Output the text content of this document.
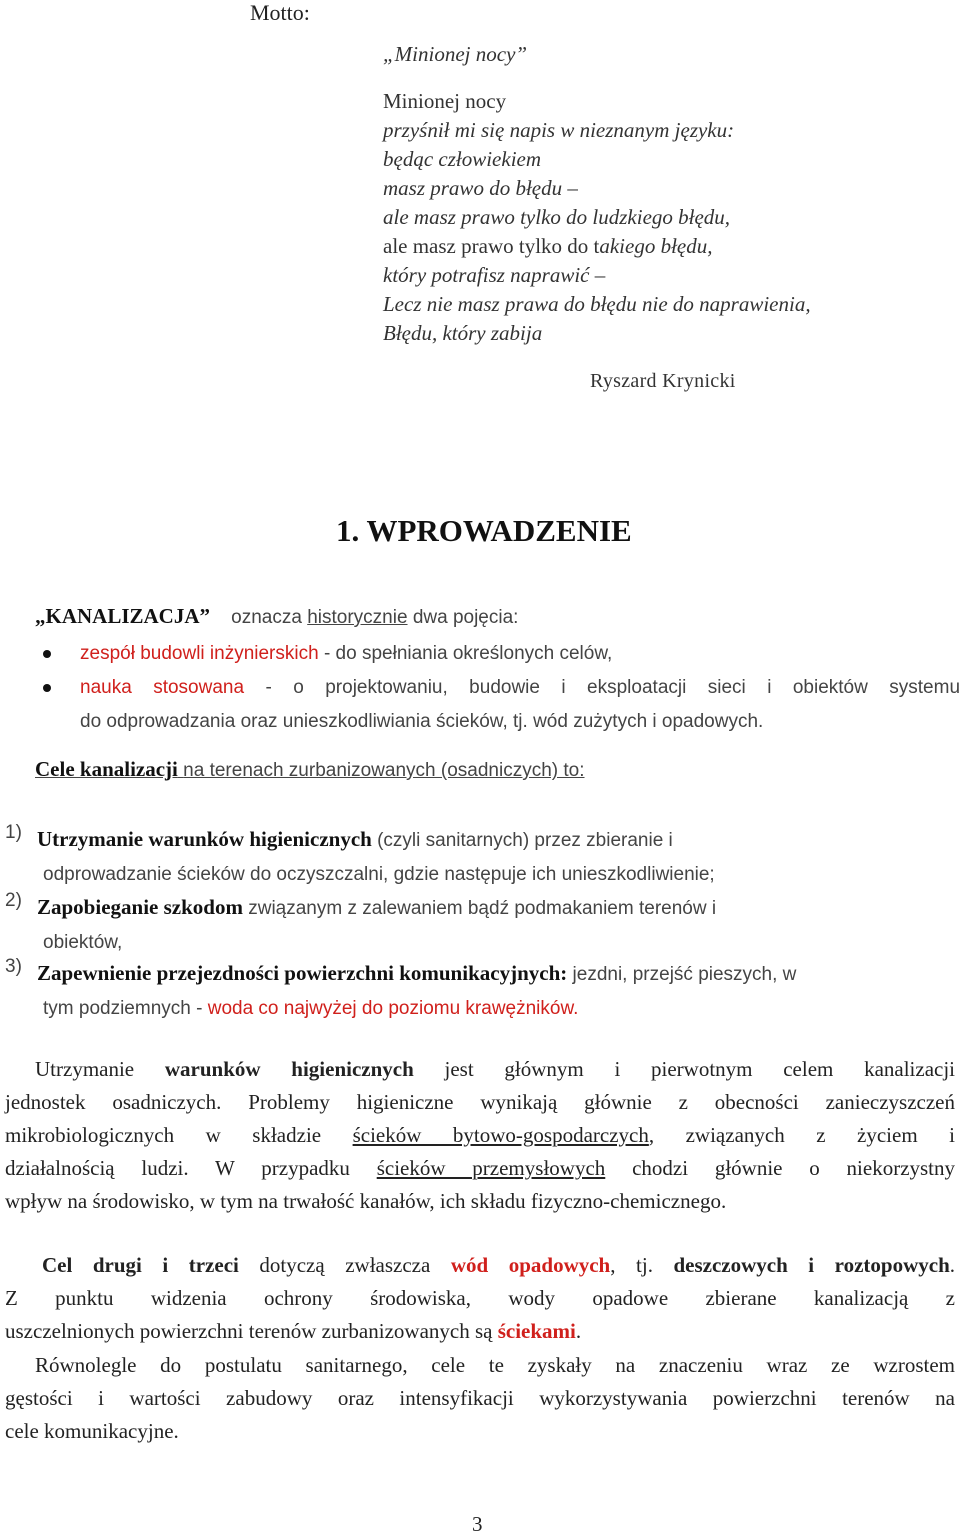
Motto:
„Minionej nocy”
Minionej nocy
przyśnił mi się napis w nieznanym języku:
będąc człowiekiem
masz prawo do błędu –
ale masz prawo tylko do ludzkiego błędu,
ale masz prawo tylko do takiego błędu,
który potrafisz naprawić –
Lecz nie masz prawa do błędu nie do naprawienia,
Błędu, który zabija
Ryszard Krynicki
1. WPROWADZENIE
„KANALIZACJA” oznacza historycznie dwa pojęcia:
zespół budowli inżynierskich - do spełniania określonych celów,
nauka stosowana - o projektowaniu, budowie i eksploatacji sieci i obiektów systemu
do odprowadzania oraz unieszkodliwiania ścieków, tj. wód zużytych i opadowych.
Cele kanalizacji na terenach zurbanizowanych (osadniczych) to:
1) Utrzymanie warunków higienicznych (czyli sanitarnych) przez zbieranie i
odprowadzanie ścieków do oczyszczalni, gdzie następuje ich unieszkodliwienie;
2) Zapobieganie szkodom związanym z zalewaniem bądź podmakaniem terenów i
obiektów,
3) Zapewnienie przejezdności powierzchni komunikacyjnych: jezdni, przejść pieszych, w
tym podziemnych - woda co najwyżej do poziomu krawężników.
Utrzymanie warunków higienicznych jest głównym i pierwotnym celem kanalizacji
jednostek osadniczych. Problemy higieniczne wynikają głównie z obecności zanieczyszczeń
mikrobiologicznych w składzie ścieków bytowo-gospodarczych, związanych z życiem i
działalnością ludzi. W przypadku ścieków przemysłowych chodzi głównie o niekorzystny
wpływ na środowisko, w tym na trwałość kanałów, ich składu fizyczno-chemicznego.
Cel drugi i trzeci dotyczą zwłaszcza wód opadowych, tj. deszczowych i roztopowych.
Z punktu widzenia ochrony środowiska, wody opadowe zbierane kanalizacją z
uszczelnionych powierzchni terenów zurbanizowanych są ściekami.
Równolegle do postulatu sanitarnego, cele te zyskały na znaczeniu wraz ze wzrostem
gęstości i wartości zabudowy oraz intensyfikacji wykorzystywania powierzchni terenów na
cele komunikacyjne.
3
